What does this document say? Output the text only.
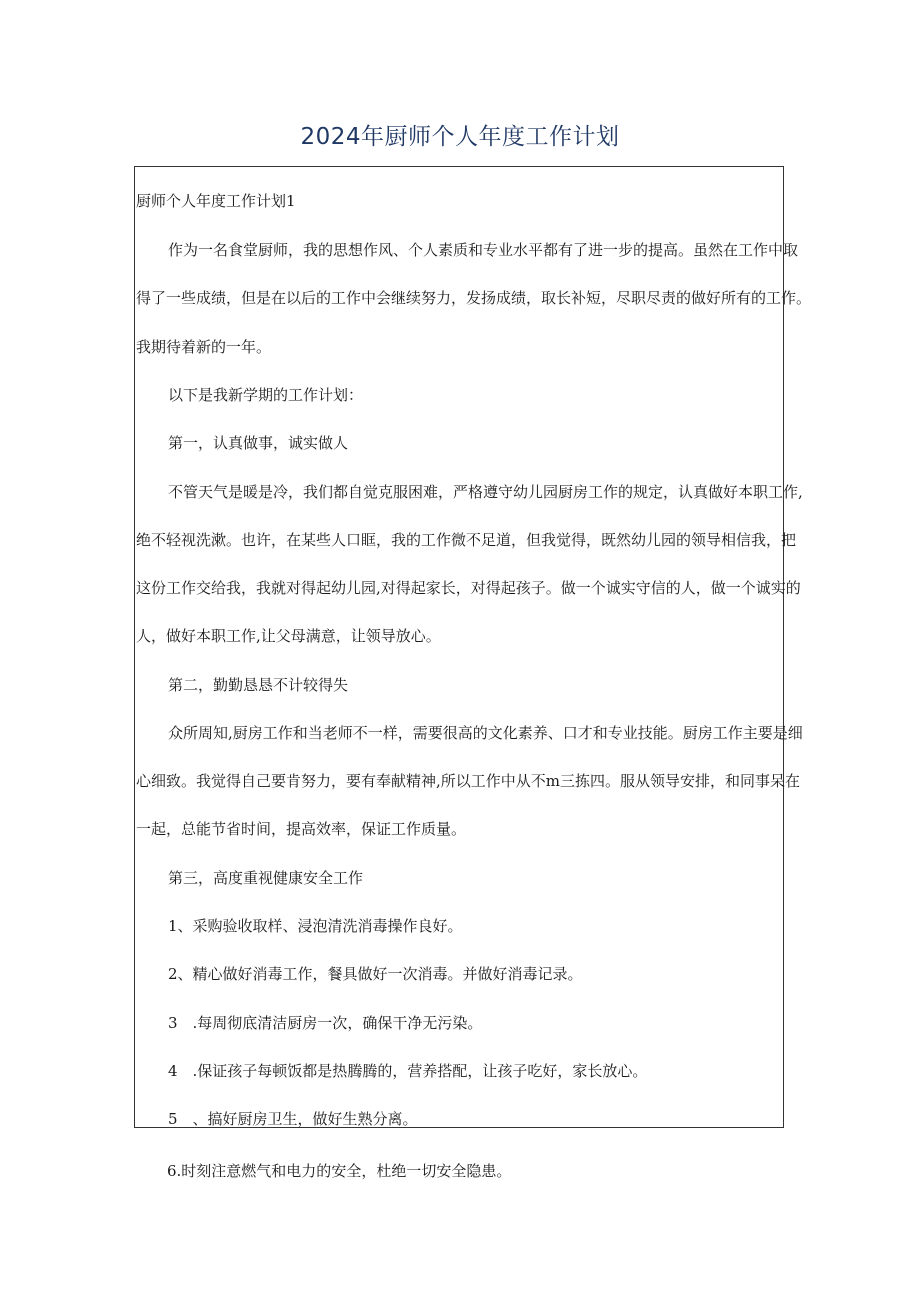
2024年厨师个人年度工作计划
厨师个人年度工作计划1
作为一名食堂厨师，我的思想作风、个人素质和专业水平都有了进一步的提高。虽然在工作中取
得了一些成绩，但是在以后的工作中会继续努力，发扬成绩，取长补短，尽职尽责的做好所有的工作。
我期待着新的一年。
以下是我新学期的工作计划：
第一，认真做事，诚实做人
不管天气是暖是冷，我们都自觉克服困难，严格遵守幼儿园厨房工作的规定，认真做好本职工作,
绝不轻视洗漱。也许，在某些人口眶，我的工作微不足道，但我觉得，既然幼儿园的领导相信我，把
这份工作交给我，我就对得起幼儿园,对得起家长，对得起孩子。做一个诚实守信的人，做一个诚实的
人，做好本职工作,让父母满意，让领导放心。
第二，勤勤恳恳不计较得失
众所周知,厨房工作和当老师不一样，需要很高的文化素养、口才和专业技能。厨房工作主要是细
心细致。我觉得自己要肯努力，要有奉献精神,所以工作中从不m三拣四。服从领导安排，和同事呆在
一起，总能节省时间，提高效率，保证工作质量。
第三，高度重视健康安全工作
1、采购验收取样、浸泡清洗消毒操作良好。
2、精心做好消毒工作，餐具做好一次消毒。并做好消毒记录。
3 .每周彻底清洁厨房一次，确保干净无污染。
4 .保证孩子每顿饭都是热腾腾的，营养搭配，让孩子吃好，家长放心。
5 、搞好厨房卫生，做好生熟分离。
6.时刻注意燃气和电力的安全，杜绝一切安全隐患。
